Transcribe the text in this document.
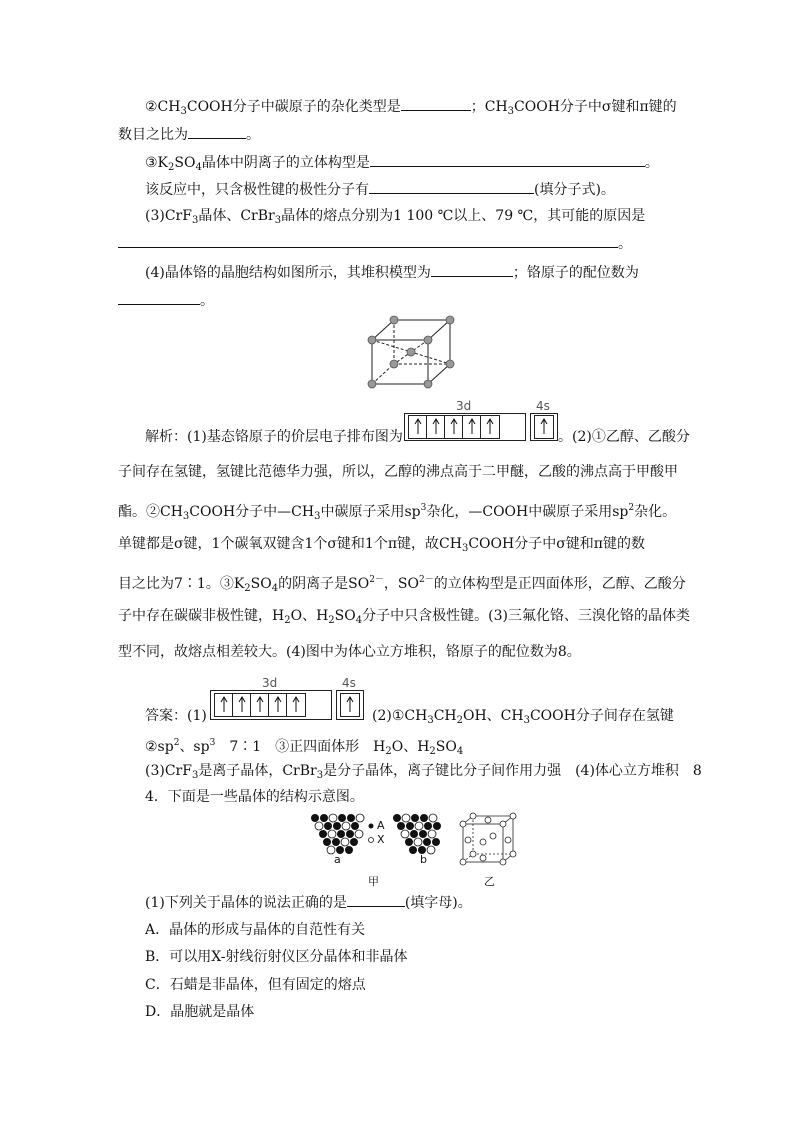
$②CH_3COOH$分子中碳原子的杂化类型是	；$CH_3COOH$分子中σ键和π键的
数目之比为	。
$③K_2SO_4$晶体中阴离子的立体构型是	。
该反应中，只含极性键的极性分子有	(填分子式)。
(3)CrF$_3$晶体、CrBr$_3$晶体的熔点分别为1 100 ℃以上、79 ℃，其可能的原因是
。
(4)晶体铬的晶胞结构如图所示，其堆积模型为	；铬原子的配位数为
。
3d	4s
解析：(1)基态铬原子的价层电子排布图为	。(2)①乙醇、乙酸分
子间存在氢键，氢键比范德华力强，所以，乙醇的沸点高于二甲醚，乙酸的沸点高于甲酸甲
酯。$②CH_3COOH$分子中$—CH_3$中碳原子采用$sp^3$杂化，—COOH中碳原子采用$sp^2$杂化。
单键都是σ键，1个碳氧双键含1个σ键和1个π键，故$CH_3COOH$分子中σ键和π键的数
目之比为7∶1。$③K_2SO_4$的阴离子是$SO^{2-}$，$SO^{2-}$的立体构型是正四面体形，乙醇、乙酸分
子中存在碳碳非极性键，$H_2O$、$H_2SO_4$分子中只含极性键。(3)三氟化铬、三溴化铬的晶体类
型不同，故熔点相差较大。(4)图中为体心立方堆积，铬原子的配位数为8。
3d	4s
答案：(1)	$(2)①CH_3CH_2OH$、$CH_3COOH$分子间存在氢键
$②sp^2$、$sp^3$　 7∶1　③正四面体形　$H_2O$、$H_2SO_4$
(3)CrF$_3$是离子晶体，CrBr$_3$是分子晶体，离子键比分子间作用力强　(4)体心立方堆积　8
4．下面是一些晶体的结构示意图。
A
X
a	b
甲	乙
(1)下列关于晶体的说法正确的是	(填字母)。
A．晶体的形成与晶体的自范性有关
B．可以用X-射线衍射仪区分晶体和非晶体
C．石蜡是非晶体，但有固定的熔点
D．晶胞就是晶体
